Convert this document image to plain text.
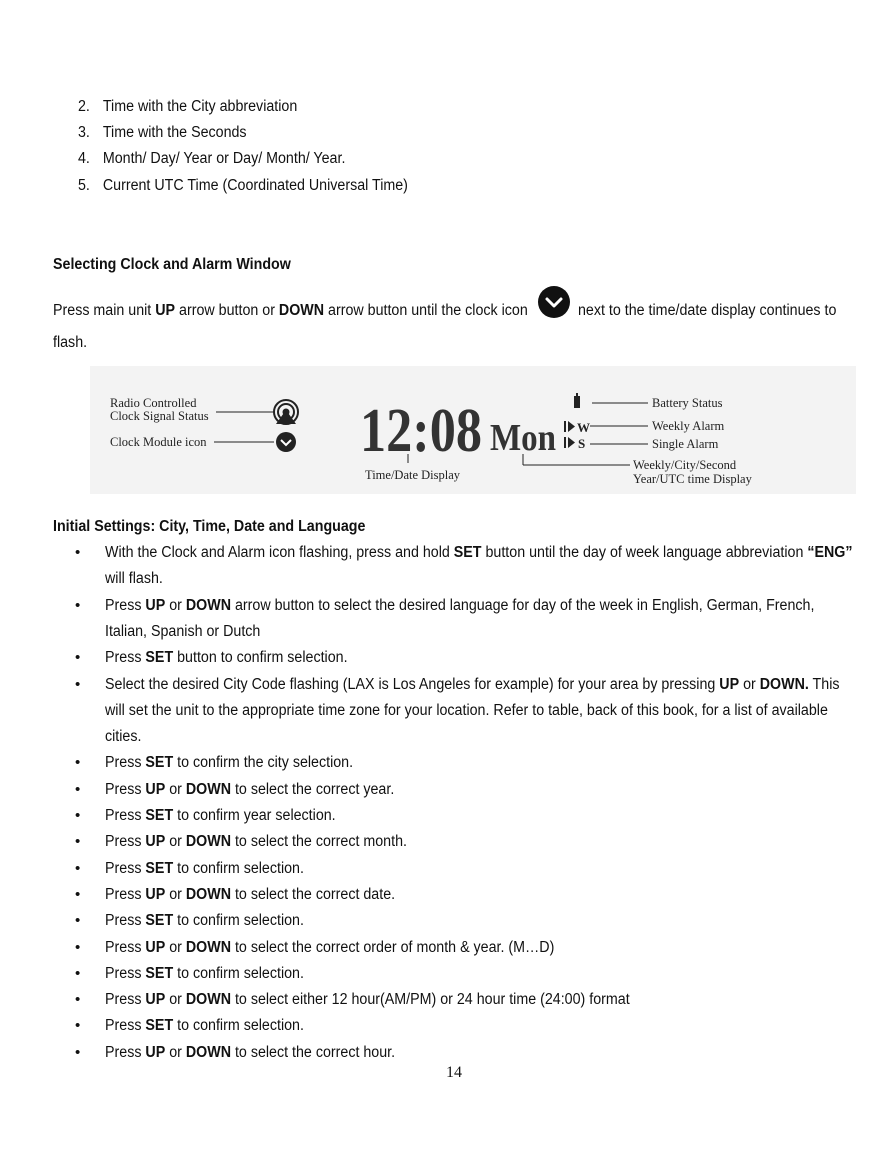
2. Time with the City abbreviation
3. Time with the Seconds
4. Month/ Day/ Year or Day/ Month/ Year.
5. Current UTC Time (Coordinated Universal Time)
Selecting Clock and Alarm Window
Press main unit UP arrow button or DOWN arrow button until the clock icon	next to the time/date display continues to
flash.
Radio Controlled
Clock Signal Status
Clock Module icon 12:08 Mon W
S
Battery Status
Weekly Alarm
Single Alarm
Weekly/City/Second
Year/UTC time Display
Time/Date Display
Initial Settings: City, Time, Date and Language
• With the Clock and Alarm icon flashing, press and hold SET button until the day of week language abbreviation “ENG”
will flash.
• Press UP or DOWN arrow button to select the desired language for day of the week in English, German, French,
Italian, Spanish or Dutch
• Press SET button to confirm selection.
• Select the desired City Code flashing (LAX is Los Angeles for example) for your area by pressing UP or DOWN. This
will set the unit to the appropriate time zone for your location. Refer to table, back of this book, for a list of available
cities.
• Press SET to confirm the city selection.
• Press UP or DOWN to select the correct year.
• Press SET to confirm year selection.
• Press UP or DOWN to select the correct month.
• Press SET to confirm selection.
• Press UP or DOWN to select the correct date.
• Press SET to confirm selection.
• Press UP or DOWN to select the correct order of month & year. (M…D)
• Press SET to confirm selection.
• Press UP or DOWN to select either 12 hour(AM/PM) or 24 hour time (24:00) format
• Press SET to confirm selection.
• Press UP or DOWN to select the correct hour.
14
